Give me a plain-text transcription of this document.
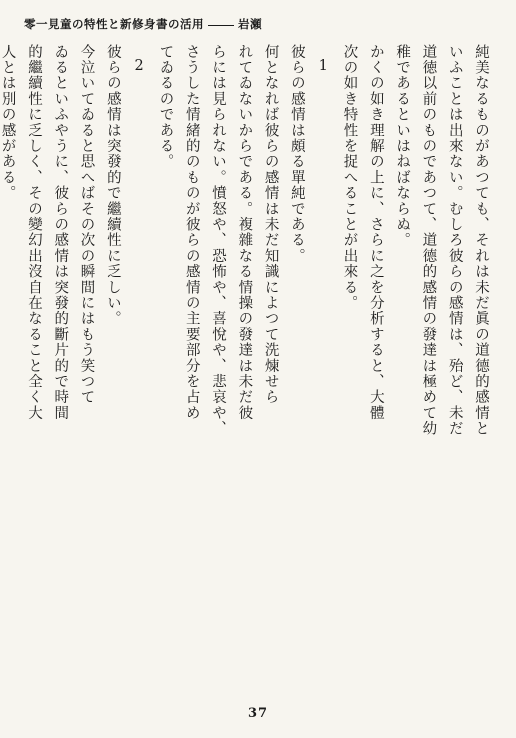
零一見童の特性と新修身書の活用	岩瀬

純美なるものがあつても、それは未だ眞の道德的感情と

いふことは出來ない。むしろ彼らの感情は、殆ど、未だ

道徳以前のものであつて、道德的感情の發達は極めて幼

稚であるといはねばならぬ。

かくの如き理解の上に、さらに之を分析すると、大體

次の如き特性を捉へることが出來る。

1

彼らの感情は頗る單純である。

何となれば彼らの感情は未だ知識によつて洗煉せら

れてゐないからである。複雜なる情操の發達は未だ彼

らには見られない。憤怒や、恐怖や、喜悅や、悲哀や、

さうした情緒的のものが彼らの感情の主要部分を占め

てゐるのである。

2

彼らの感情は突發的で繼續性に乏しい。

今泣いてゐると思へばその次の瞬間にはもう笑つて

ゐるといふやうに、彼らの感情は突發的斷片的で時間

的繼續性に乏しく、その變幻出沒自在なること全く大

人とは別の感がある。

37
